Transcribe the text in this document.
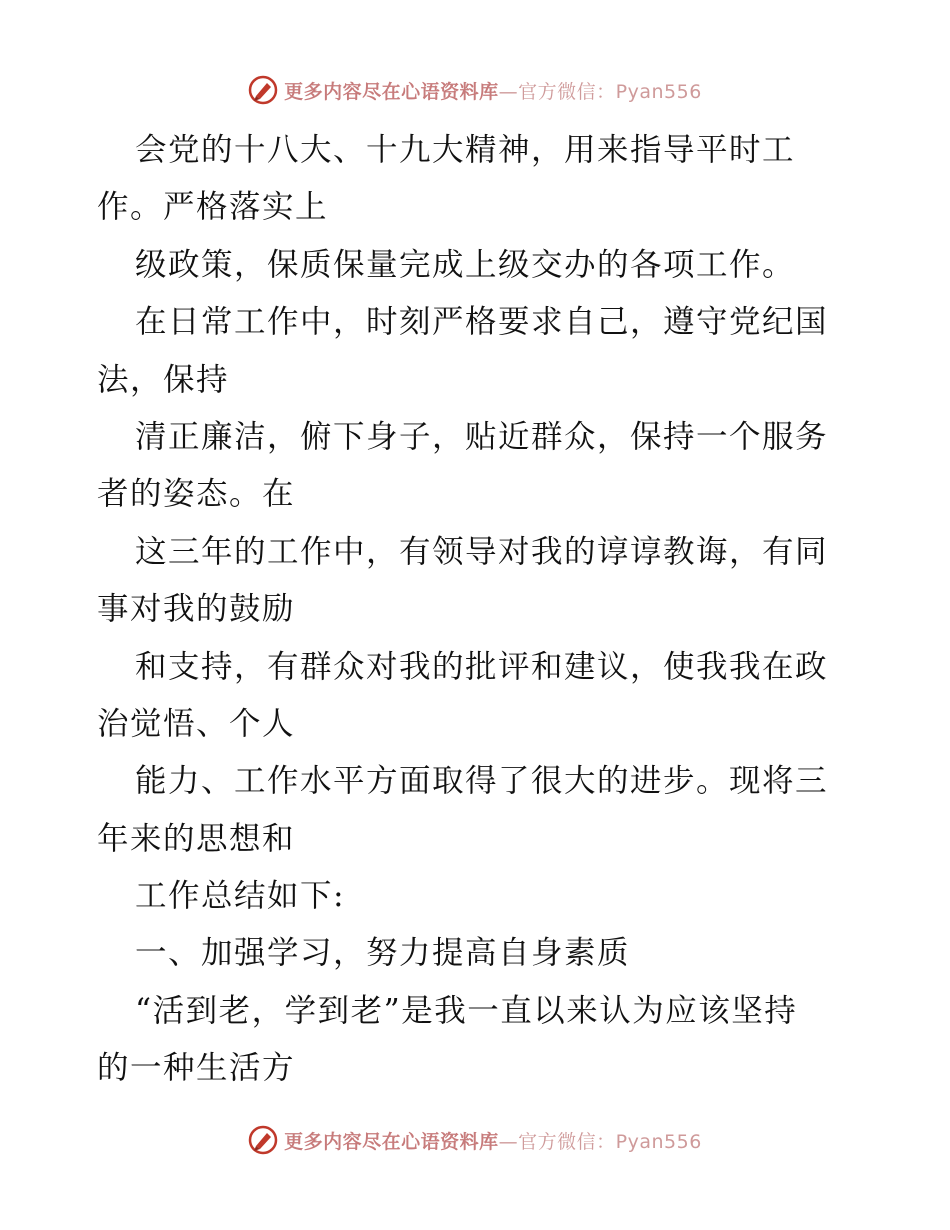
更多内容尽在心语资料库—官方微信：Pyan556
会党的十八大、十九大精神，用来指导平时工
作。严格落实上
级政策，保质保量完成上级交办的各项工作。
在日常工作中，时刻严格要求自己，遵守党纪国
法，保持
清正廉洁，俯下身子，贴近群众，保持一个服务
者的姿态。在
这三年的工作中，有领导对我的谆谆教诲，有同
事对我的鼓励
和支持，有群众对我的批评和建议，使我我在政
治觉悟、个人
能力、工作水平方面取得了很大的进步。现将三
年来的思想和
工作总结如下:
一、加强学习，努力提高自身素质
“活到老，学到老”是我一直以来认为应该坚持
的一种生活方
更多内容尽在心语资料库—官方微信：Pyan556
